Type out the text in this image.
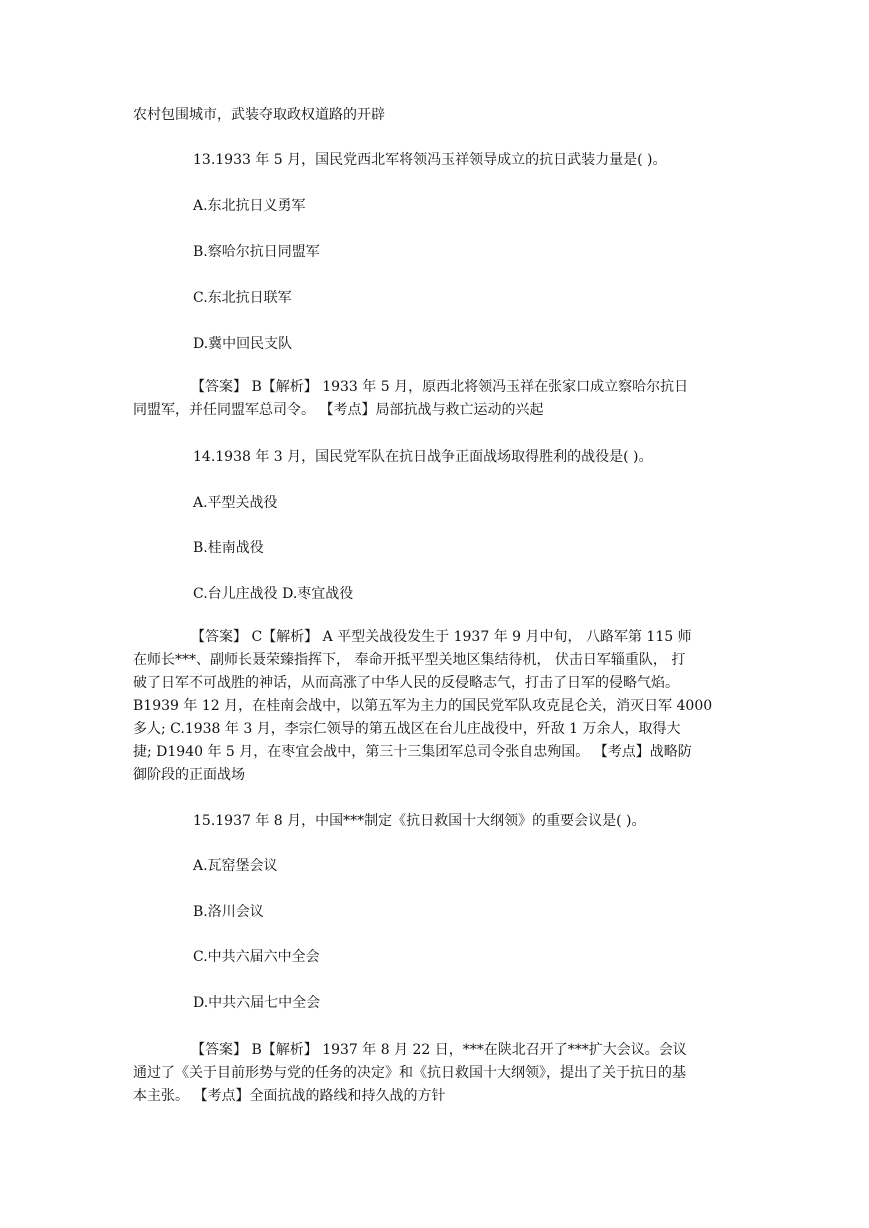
农村包围城市，武装夺取政权道路的开辟
13.1933 年 5 月，国民党西北军将领冯玉祥领导成立的抗日武装力量是( )。
A.东北抗日义勇军
B.察哈尔抗日同盟军
C.东北抗日联军
D.冀中回民支队
【答案】 B【解析】 1933 年 5 月，原西北将领冯玉祥在张家口成立察哈尔抗日
同盟军，并任同盟军总司令。 【考点】局部抗战与救亡运动的兴起
14.1938 年 3 月，国民党军队在抗日战争正面战场取得胜利的战役是( )。
A.平型关战役
B.桂南战役
C.台儿庄战役 D.枣宜战役
【答案】 C【解析】 A 平型关战役发生于 1937 年 9 月中旬， 八路军第 115 师
在师长***、副师长聂荣臻指挥下， 奉命开抵平型关地区集结待机， 伏击日军辎重队， 打
破了日军不可战胜的神话，从而高涨了中华人民的反侵略志气，打击了日军的侵略气焰。
B1939 年 12 月，在桂南会战中，以第五军为主力的国民党军队攻克昆仑关，消灭日军 4000
多人; C.1938 年 3 月，李宗仁领导的第五战区在台儿庄战役中，歼敌 1 万余人，取得大
捷; D1940 年 5 月，在枣宜会战中，第三十三集团军总司令张自忠殉国。 【考点】战略防
御阶段的正面战场
15.1937 年 8 月，中国***制定《抗日救国十大纲领》的重要会议是( )。
A.瓦窑堡会议
B.洛川会议
C.中共六届六中全会
D.中共六届七中全会
【答案】 B【解析】 1937 年 8 月 22 日，***在陕北召开了***扩大会议。会议
通过了《关于目前形势与党的任务的决定》和《抗日救国十大纲领》，提出了关于抗日的基
本主张。 【考点】全面抗战的路线和持久战的方针
